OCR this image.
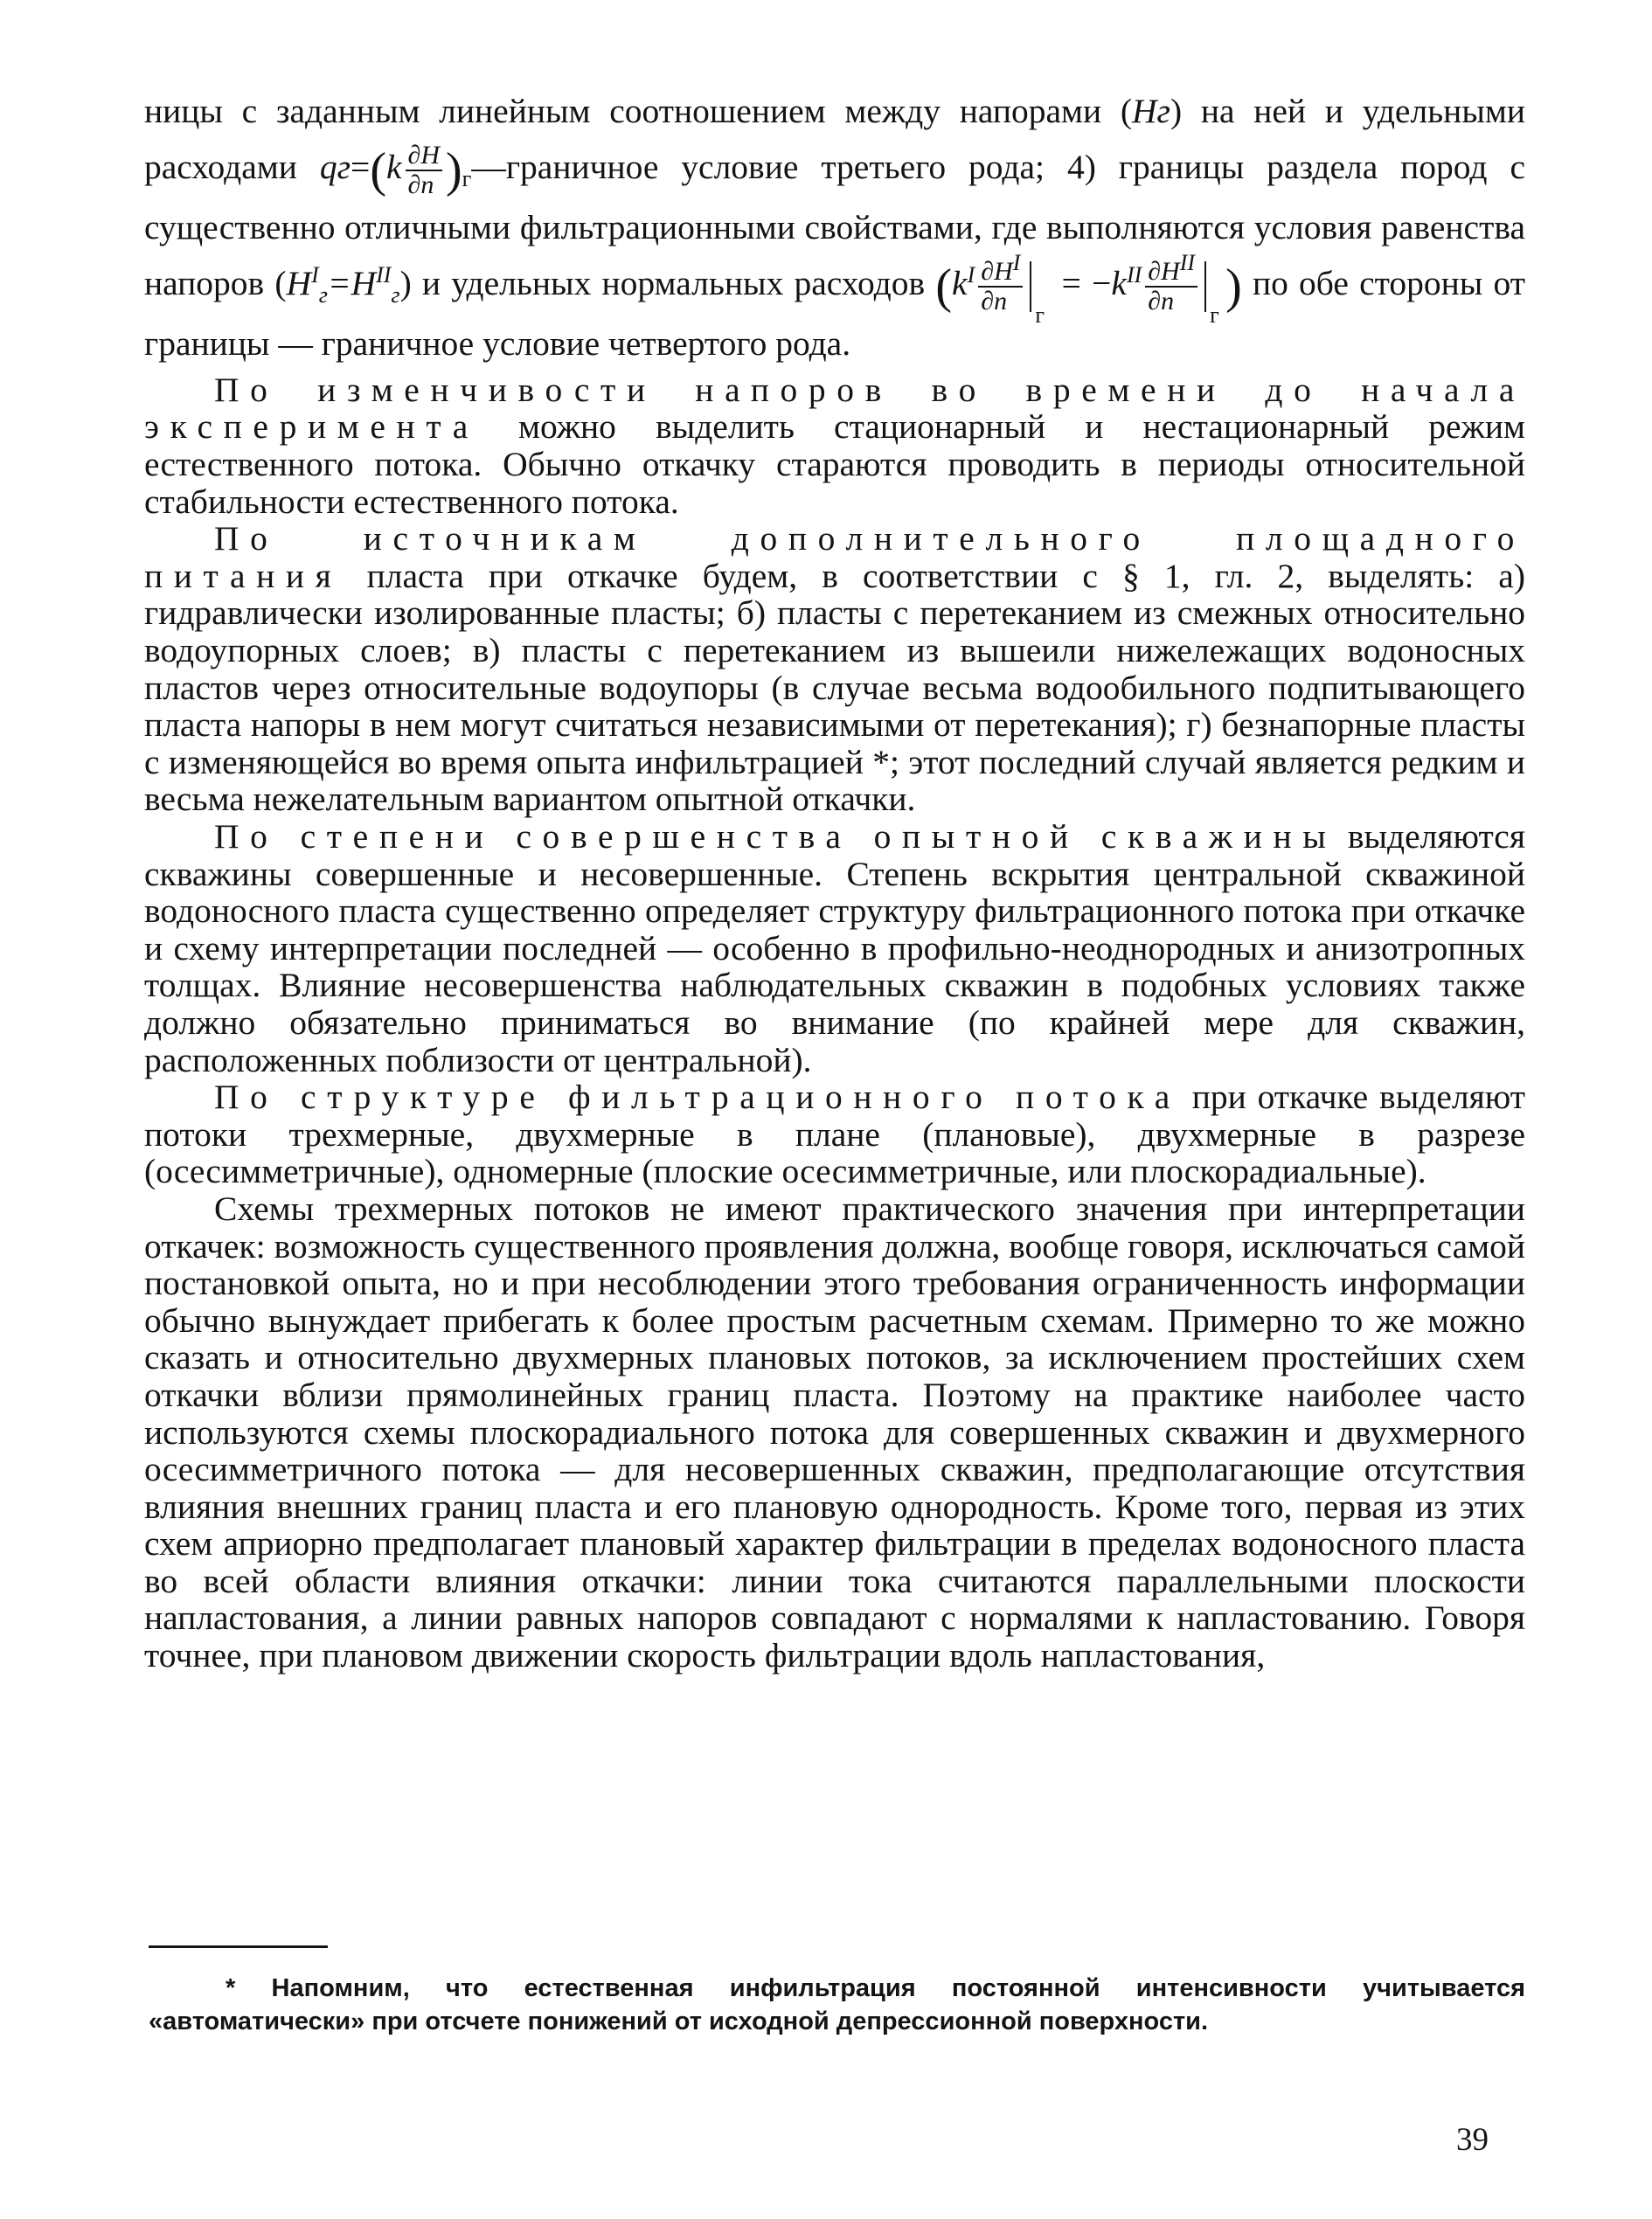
ницы с заданным линейным соотношением между напорами (Hг) на ней и удельными расходами $qг=(k \frac{\partial H}{\partial n}$ )$_г—граничное$ условие третьего рода; 4) границы раздела пород с существенно отличными фильтрационными свойствами, где выполняются условия равенства напоров $(H^I_г=H^{II}_г)$ и удельных нормальных расходов ($k^I \frac{\partial H^I}{\partial n}$ г
= $-k^{II} \frac{\partial H^{II}}{\partial n}$ г
) по обе стороны от границы — граничное условие четвертого рода.

По изменчивости напоров во времени до начала эксперимента можно выделить стационарный и нестационарный режим естественного потока. Обычно откачку стараются проводить в периоды относительной стабильности естественного потока.

По источникам дополнительного площадного питания пласта при откачке будем, в соответствии с § 1, гл. 2, выделять: а) гидравлически изолированные пласты; б) пласты с перетеканием из смежных относительно водоупорных слоев; в) пласты с перетеканием из вышеили нижележащих водоносных пластов через относительные водоупоры (в случае весьма водообильного подпитывающего пласта напоры в нем могут считаться независимыми от перетекания); г) безнапорные пласты с изменяющейся во время опыта инфильтрацией *; этот последний случай является редким и весьма нежелательным вариантом опытной откачки.

По степени совершенства опытной скважины выделяются скважины совершенные и несовершенные. Степень вскрытия центральной скважиной водоносного пласта существенно определяет структуру фильтрационного потока при откачке и схему интерпретации последней — особенно в профильно-неоднородных и анизотропных толщах. Влияние несовершенства наблюдательных скважин в подобных условиях также должно обязательно приниматься во внимание (по крайней мере для скважин, расположенных поблизости от центральной).

По структуре фильтрационного потока при откачке выделяют потоки трехмерные, двухмерные в плане (плановые), двухмерные в разрезе (осесимметричные), одномерные (плоские осесимметричные, или плоскорадиальные).

Схемы трехмерных потоков не имеют практического значения при интерпретации откачек: возможность существенного проявления должна, вообще говоря, исключаться самой постановкой опыта, но и при несоблюдении этого требования ограниченность информации обычно вынуждает прибегать к более простым расчетным схемам. Примерно то же можно сказать и относительно двухмерных плановых потоков, за исключением простейших схем откачки вблизи прямолинейных границ пласта. Поэтому на практике наиболее часто используются схемы плоскорадиального потока для совершенных скважин и двухмерного осесимметричного потока — для несовершенных скважин, предполагающие отсутствия влияния внешних границ пласта и его плановую однородность. Кроме того, первая из этих схем априорно предполагает плановый характер фильтрации в пределах водоносного пласта во всей области влияния откачки: линии тока считаются параллельными плоскости напластования, а линии равных напоров совпадают с нормалями к напластованию. Говоря точнее, при плановом движении скорость фильтрации вдоль напластования,

* Напомним, что естественная инфильтрация постоянной интенсивности учитывается «автоматически» при отсчете понижений от исходной депрессионной поверхности.
39
